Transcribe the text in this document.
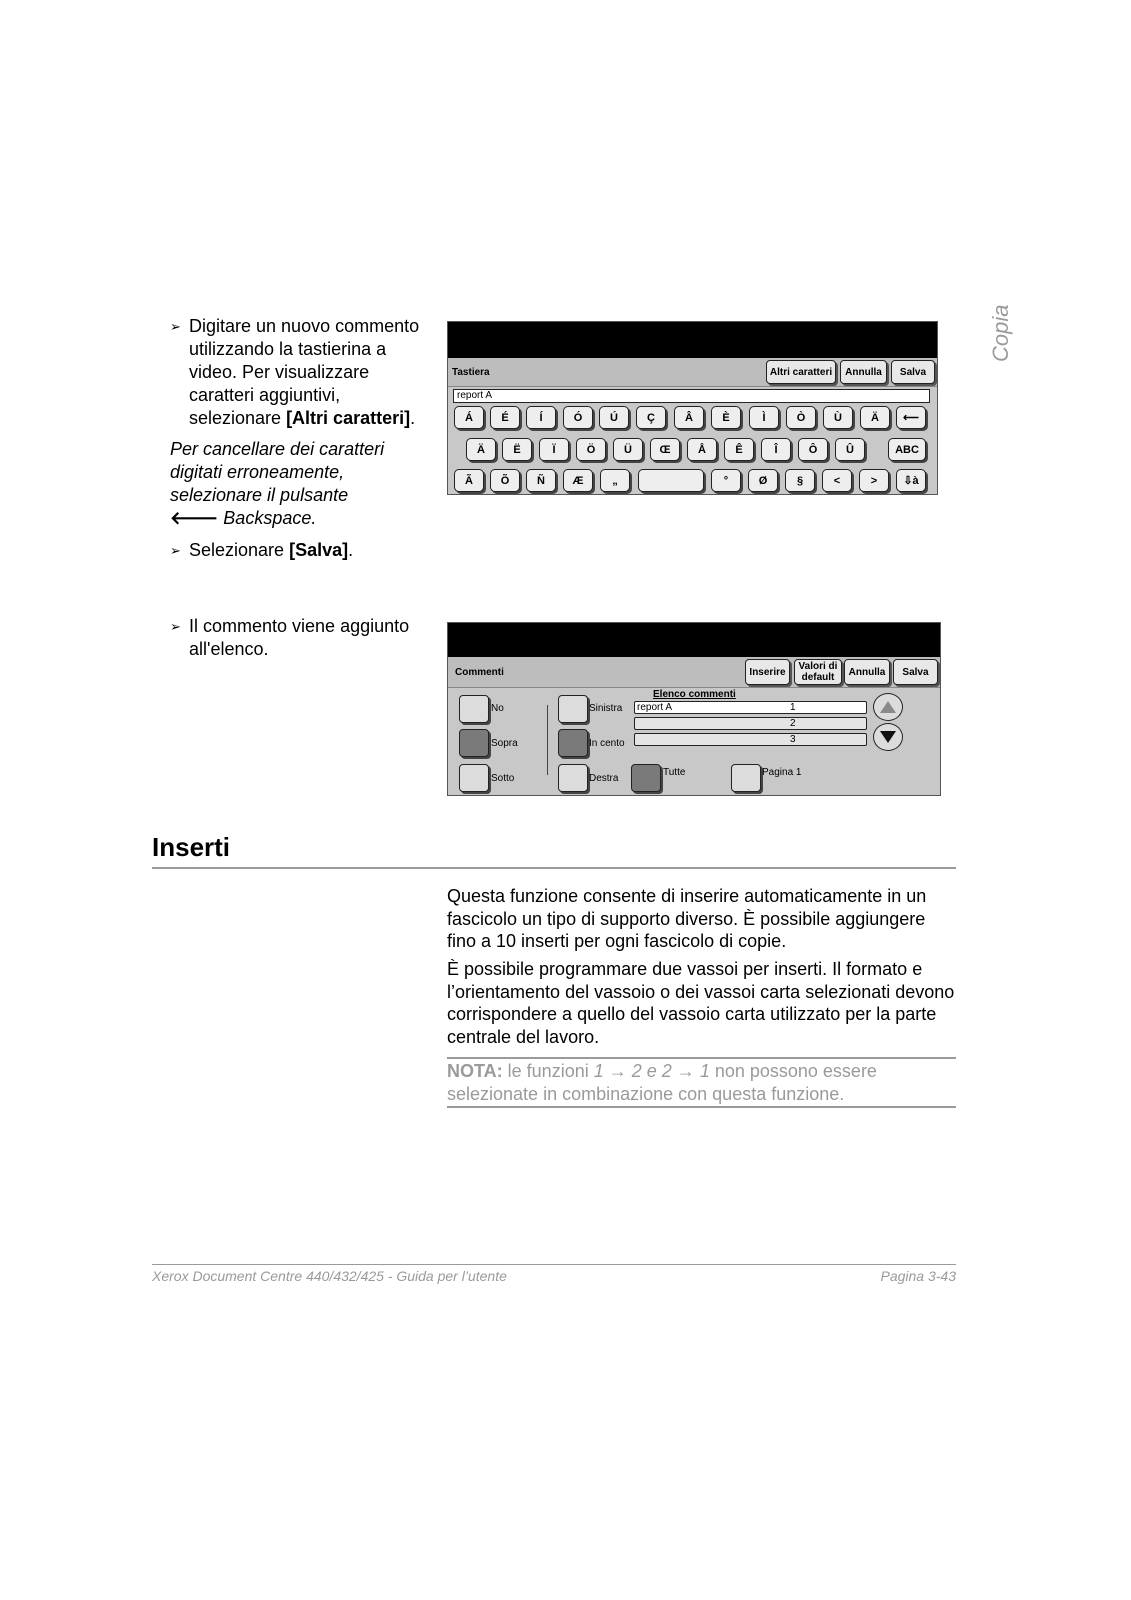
Copia
➢ Digitare un nuovo commento
utilizzando la tastierina a
video. Per visualizzare
caratteri aggiuntivi,
selezionare [Altri caratteri].
Per cancellare dei caratteri
digitati erroneamente,
selezionare il pulsante
🡐 Backspace.
➢ Selezionare [Salva].
➢ Il commento viene aggiunto
all'elenco.
Tastiera	Altri caratteri	Annulla	Salva
report A
Á	É	Í	Ó	Ú	Ç	Â	È	Ì	Ò	Ù	Ä	⟵
Ä	Ë	Ï	Ö	Ü	Œ	Å	Ê	Î	Ô	Û	ABC
Ã	Õ	Ñ	Æ	„	°	Ø	§	<	>	⇩à
Commenti	Inserire	Valori di
default	Annulla	Salva
No
Sopra
Sotto
Sinistra
In cento
Destra
Elenco commenti
report A	1
2
3
Tutte	Pagina 1
Inserti

Questa funzione consente di inserire automaticamente in un fascicolo un tipo di supporto diverso. È possibile aggiungere fino a 10 inserti per ogni fascicolo di copie.

È possibile programmare due vassoi per inserti. Il formato e l’orientamento del vassoio o dei vassoi carta selezionati devono corrispondere a quello del vassoio carta utilizzato per la parte centrale del lavoro.

NOTA: le funzioni 1 → 2 e 2 → 1 non possono essere selezionate in combinazione con questa funzione.
Xerox Document Centre 440/432/425 - Guida per l’utente	Pagina 3-43
